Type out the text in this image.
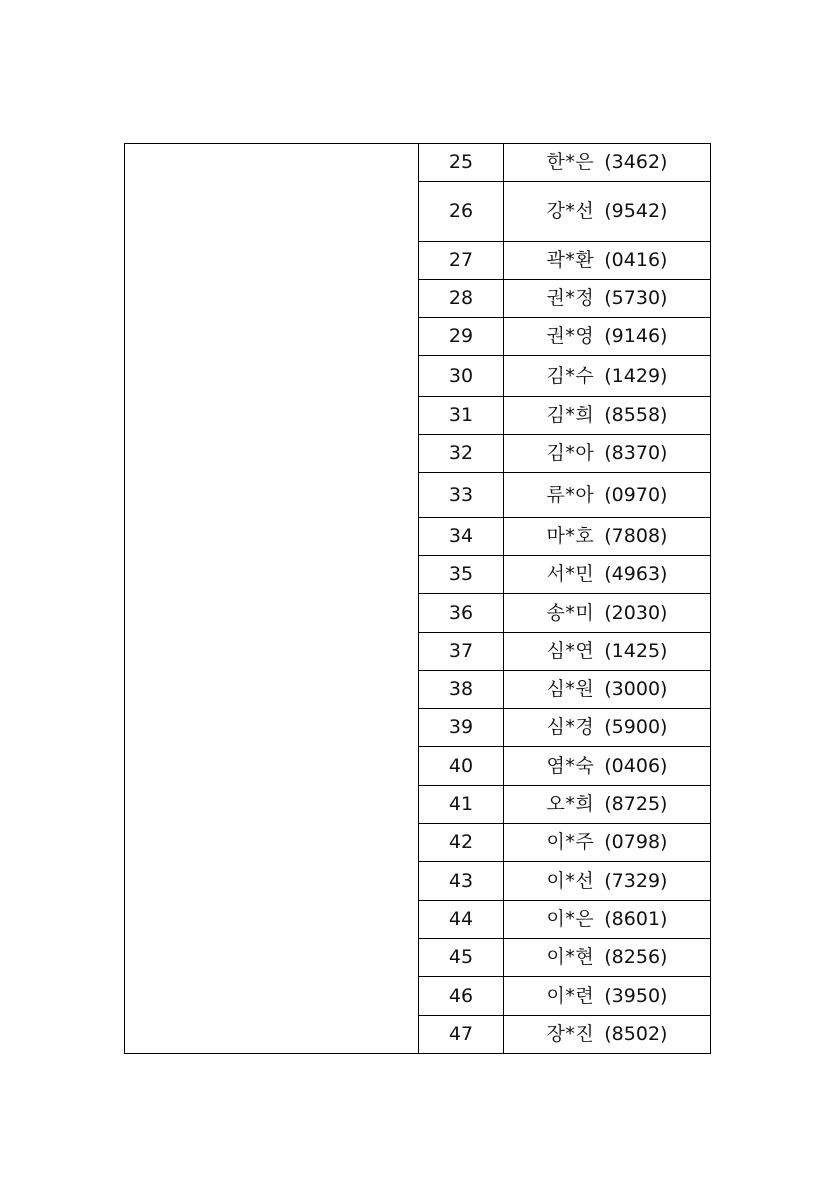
	25	한*은 (3462)
	26	강*선 (9542)
	27	곽*환 (0416)
	28	권*정 (5730)
	29	권*영 (9146)
	30	김*수 (1429)
	31	김*희 (8558)
	32	김*아 (8370)
	33	류*아 (0970)
	34	마*호 (7808)
	35	서*민 (4963)
	36	송*미 (2030)
	37	심*연 (1425)
	38	심*원 (3000)
	39	심*경 (5900)
	40	염*숙 (0406)
	41	오*희 (8725)
	42	이*주 (0798)
	43	이*선 (7329)
	44	이*은 (8601)
	45	이*현 (8256)
	46	이*련 (3950)
	47	장*진 (8502)
